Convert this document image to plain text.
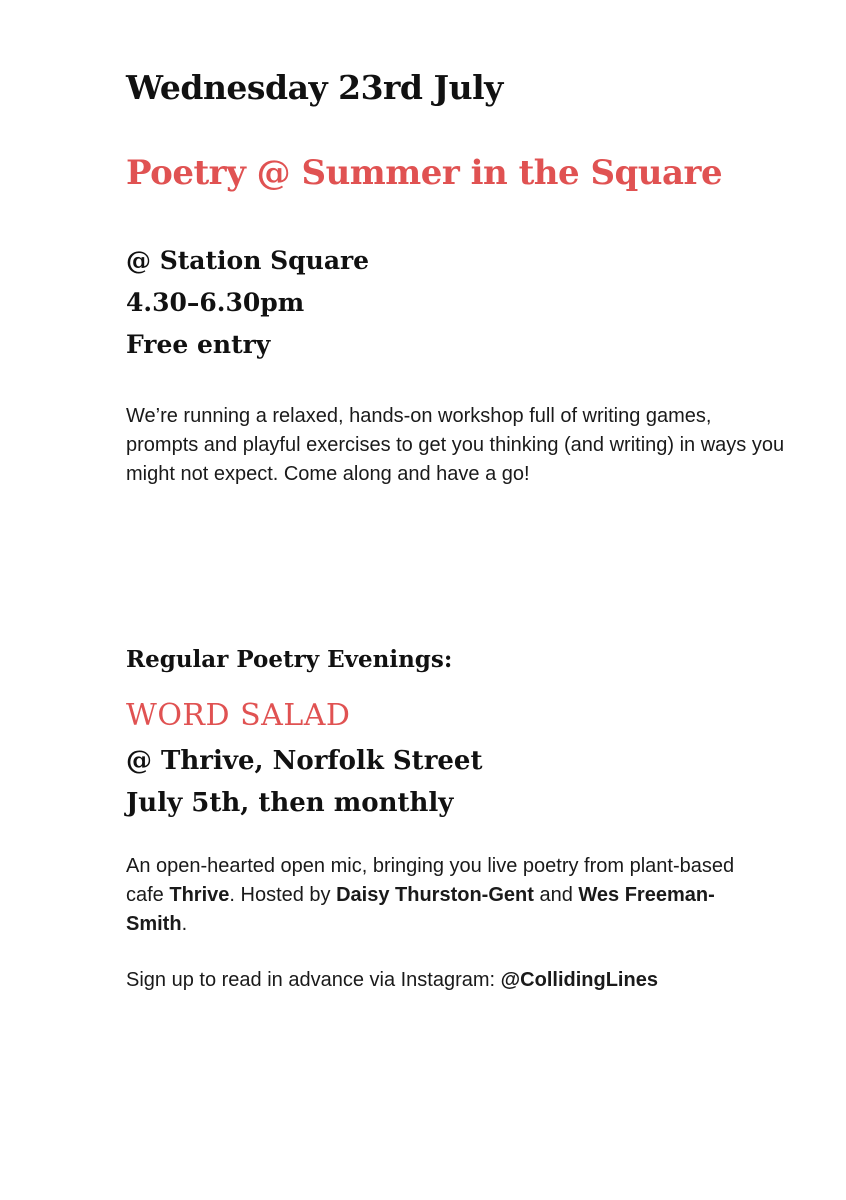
Wednesday 23rd July
Poetry @ Summer in the Square
@ Station Square
4.30–6.30pm
Free entry
We’re running a relaxed, hands-on workshop full of writing games, prompts and playful exercises to get you thinking (and writing) in ways you might not expect. Come along and have a go!
Regular Poetry Evenings:
WORD SALAD
@ Thrive, Norfolk Street
July 5th, then monthly
An open-hearted open mic, bringing you live poetry from plant-based cafe Thrive. Hosted by Daisy Thurston-Gent and Wes Freeman-Smith.
Sign up to read in advance via Instagram: @CollidingLines
